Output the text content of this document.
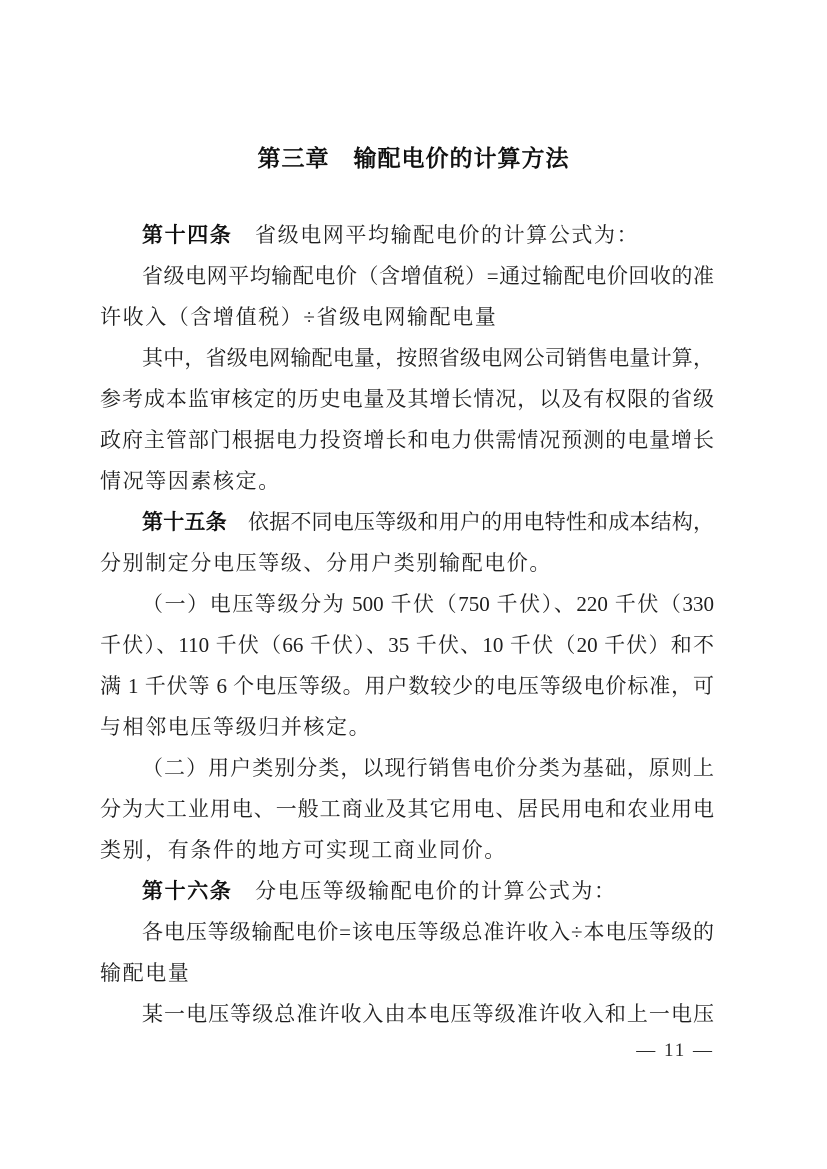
第三章　输配电价的计算方法
第十四条　省级电网平均输配电价的计算公式为：
省级电网平均输配电价（含增值税）=通过输配电价回收的准
许收入（含增值税）÷省级电网输配电量
其中，省级电网输配电量，按照省级电网公司销售电量计算，
参考成本监审核定的历史电量及其增长情况，以及有权限的省级
政府主管部门根据电力投资增长和电力供需情况预测的电量增长
情况等因素核定。
第十五条　依据不同电压等级和用户的用电特性和成本结构，
分别制定分电压等级、分用户类别输配电价。
（一）电压等级分为 500 千伏（750 千伏）、220 千伏（330
千伏）、110 千伏（66 千伏）、35 千伏、10 千伏（20 千伏）和不
满 1 千伏等 6 个电压等级。用户数较少的电压等级电价标准，可
与相邻电压等级归并核定。
（二）用户类别分类，以现行销售电价分类为基础，原则上
分为大工业用电、一般工商业及其它用电、居民用电和农业用电
类别，有条件的地方可实现工商业同价。
第十六条　分电压等级输配电价的计算公式为：
各电压等级输配电价=该电压等级总准许收入÷本电压等级的
输配电量
某一电压等级总准许收入由本电压等级准许收入和上一电压
— 11 —
